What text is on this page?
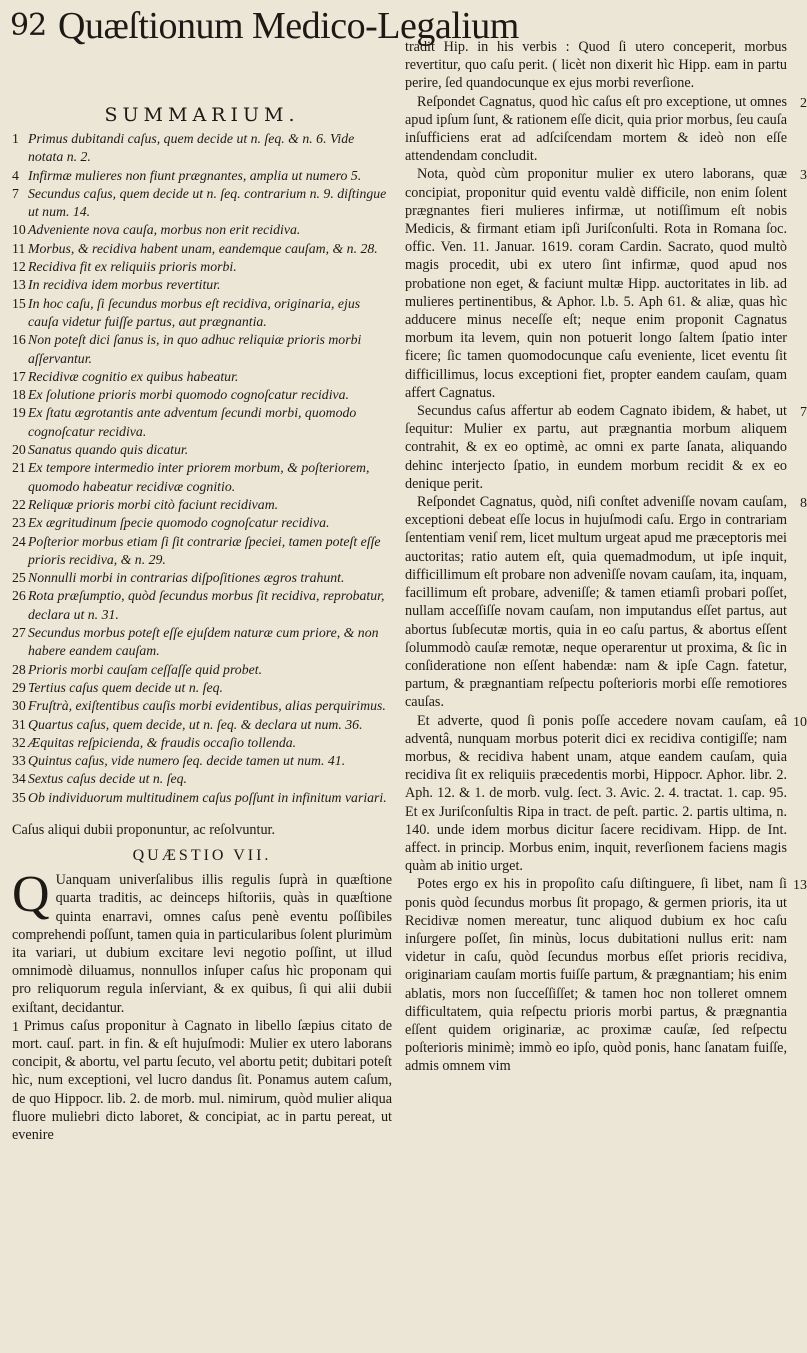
92 Quæſtionum Medico-Legalium
SUMMARIUM.
1 Primus dubitandi caſus, quem decide ut n. ſeq. & n. 6. Vide notata n. 2.
4 Infirmæ mulieres non fiunt prægnantes, amplia ut numero 5.
7 Secundus caſus, quem decide ut n. ſeq. contrarium n. 9. diſtingue ut num. 14.
10 Adveniente nova cauſa, morbus non erit recidiva.
11 Morbus, & recidiva habent unam, eandemque cauſam, & n. 28.
12 Recidiva fit ex reliquiis prioris morbi.
13 In recidiva idem morbus revertitur.
15 In hoc caſu, ſi ſecundus morbus eſt recidiva, originaria, ejus cauſa videtur fuiſſe partus, aut prægnantia.
16 Non poteſt dici ſanus is, in quo adhuc reliquiæ prioris morbi aſſervantur.
17 Recidivæ cognitio ex quibus habeatur.
18 Ex ſolutione prioris morbi quomodo cognoſcatur recidiva.
19 Ex ſtatu ægrotantis ante adventum ſecundi morbi, quomodo cognoſcatur recidiva.
20 Sanatus quando quis dicatur.
21 Ex tempore intermedio inter priorem morbum, & poſteriorem, quomodo habeatur recidivæ cognitio.
22 Reliquæ prioris morbi citò faciunt recidivam.
23 Ex ægritudinum ſpecie quomodo cognoſcatur recidiva.
24 Poſterior morbus etiam ſi ſit contrariæ ſpeciei, tamen poteſt eſſe prioris recidiva, & n. 29.
25 Nonnulli morbi in contrarias diſpoſitiones ægros trahunt.
26 Rota præſumptio, quòd ſecundus morbus ſit recidiva, reprobatur, declara ut n. 31.
27 Secundus morbus poteſt eſſe ejuſdem naturæ cum priore, & non habere eandem cauſam.
28 Prioris morbi cauſam ceſſaſſe quid probet.
29 Tertius caſus quem decide ut n. ſeq.
30 Fruſtrà, exiſtentibus cauſis morbi evidentibus, alias perquirimus.
31 Quartus caſus, quem decide, ut n. ſeq. & declara ut num. 36.
32 Æquitas reſpicienda, & fraudis occaſio tollenda.
33 Quintus caſus, vide numero ſeq. decide tamen ut num. 41.
34 Sextus caſus decide ut n. ſeq.
35 Ob individuorum multitudinem caſus poſſunt in infinitum variari.
Caſus aliqui dubii proponuntur, ac reſolvuntur.
QUÆSTIO VII.
Q Uanquam univerſalibus illis regulis ſuprà in quæſtione quarta traditis, ac deinceps hiſtoriis, quàs in quæſtione quinta enarravi, omnes caſus penè eventu poſſibiles comprehendi poſſunt, tamen quia in particularibus ſolent plurimùm ita variari, ut dubium excitare levi negotio poſſint, ut illud omnimodè diluamus, nonnullos inſuper caſus hìc proponam qui pro reliquorum regula inſerviant, & ex quibus, ſi qui alii dubii exiſtant, decidantur.
1 Primus caſus proponitur à Cagnato in libello ſæpius citato de mort. cauſ. part. in fin. & eſt hujuſmodi: Mulier ex utero laborans concipit, & abortu, vel partu ſecuto, vel abortu petit; dubitari poteſt hìc, num exceptioni, vel lucro dandus ſit. Ponamus autem caſum, de quo Hippocr. lib. 2. de morb. mul. nimirum, quòd mulier aliqua fluore muliebri dicto laboret, & concipiat, ac in partu pereat, ut evenire
tradit Hip. in his verbis : Quod ſi utero conceperit, morbus revertitur, quo caſu perit. ( licèt non dixerit hìc Hipp. eam in partu perire, ſed quandocunque ex ejus morbi reverſione.
2
Reſpondet Cagnatus, quod hìc caſus eſt pro exceptione, ut omnes apud ipſum ſunt, & rationem eſſe dicit, quia prior morbus, ſeu cauſa inſufficiens erat ad adſciſcendam mortem & ideò non eſſe attendendam concludit.
3
Nota, quòd cùm proponitur mulier ex utero laborans, quæ concipiat, proponitur quid eventu valdè difficile, non enim ſolent prægnantes fieri mulieres infirmæ, ut notiſſimum eſt nobis Medicis, & firmant etiam ipſi Juriſconſulti. Rota in Romana ſoc. offic. Ven. 11. Januar. 1619. coram Cardin. Sacrato, quod multò magis procedit, ubi ex utero ſint infirmæ, quod apud nos probatione non eget, & faciunt multæ Hipp. auctoritates in lib. ad mulieres pertinentibus, & Aphor. l.b. 5. Aph 61. & aliæ, quas hìc adducere minus neceſſe eſt; neque enim proponit Cagnatus morbum ita levem, quin non potuerit longo ſaltem ſpatio inter ficere; ſic tamen quomodocunque caſu eveniente, licet eventu ſit difficillimus, locus exceptioni fiet, propter eandem cauſam, quam affert Cagnatus.
7
Secundus caſus affertur ab eodem Cagnato ibidem, & habet, ut ſequitur: Mulier ex partu, aut prægnantia morbum aliquem contrahit, & ex eo optimè, ac omni ex parte ſanata, aliquando dehinc interjecto ſpatio, in eundem morbum recidit & ex eo denique perit.
8
Reſpondet Cagnatus, quòd, niſi conſtet adveniſſe novam cauſam, exceptioni debeat eſſe locus in hujuſmodi caſu. Ergo in contrariam ſententiam veniſ rem, licet multum urgeat apud me præceptoris mei auctoritas; ratio autem eſt, quia quemadmodum, ut ipſe inquit, difficillimum eſt probare non advenìſſe novam cauſam, ita, inquam, facillimum eſt probare, adveniſſe; & tamen etiamſi probari poſſet, nullam acceſſiſſe novam cauſam, non imputandus eſſet partus, aut abortus ſubſecutæ mortis, quia in eo caſu partus, & abortus eſſent ſolummodò cauſæ remotæ, neque operarentur ut proxima, & ſic in conſideratione non eſſent habendæ: nam & ipſe Cagn. fatetur, partum, & prægnantiam reſpectu poſterioris morbi eſſe remotiores cauſas.
10
Et adverte, quod ſi ponis poſſe accedere novam cauſam, eâ adventâ, nunquam morbus poterit dici ex recidiva contigiſſe; nam morbus, & recidiva habent unam, atque eandem cauſam, quia recidiva ſit ex reliquiis præcedentis morbi, Hippocr. Aphor. libr. 2. Aph. 12. & 1. de morb. vulg. ſect. 3. Avic. 2. 4. tractat. 1. cap. 95. Et ex Juriſconſultis Ripa in tract. de peſt. partic. 2. partis ultima, n. 140. unde idem morbus dicitur ſacere recidivam. Hipp. de Int. affect. in princip. Morbus enim, inquit, reverſionem faciens magis quàm ab initio urget.
13
Potes ergo ex his in propoſito caſu diſtinguere, ſi libet, nam ſi ponis quòd ſecundus morbus ſit propago, & germen prioris, ita ut Recidivæ nomen mereatur, tunc aliquod dubium ex hoc caſu inſurgere poſſet, ſin minùs, locus dubitationi nullus erit: nam videtur in caſu, quòd ſecundus morbus eſſet prioris recidiva, originariam cauſam mortis fuiſſe partum, & prægnantiam; his enim ablatis, mors non ſucceſſiſſet; & tamen hoc non tolleret omnem difficultatem, quia reſpectu prioris morbi partus, & prægnantia eſſent quidem originariæ, ac proximæ cauſæ, ſed reſpectu poſterioris minimè; immò eo ipſo, quòd ponis, hanc ſanatam fuiſſe, admis omnem vim
